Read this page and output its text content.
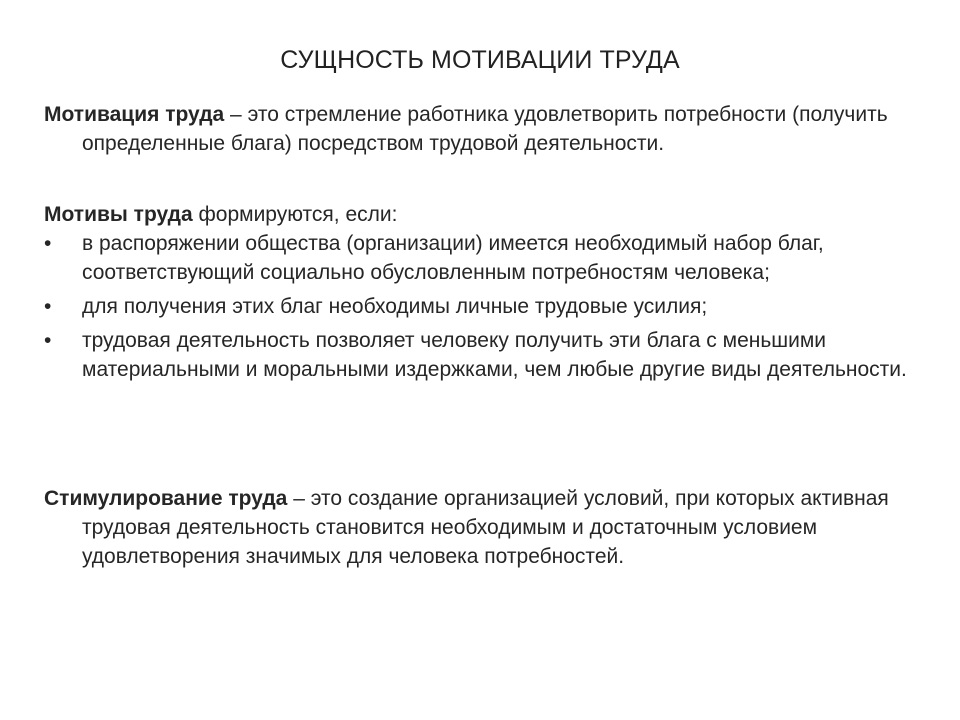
СУЩНОСТЬ МОТИВАЦИИ ТРУДА
Мотивация труда – это стремление работника удовлетворить потребности (получить определенные блага) посредством трудовой деятельности.
Мотивы труда формируются, если:
•	в распоряжении общества (организации) имеется необходимый набор благ, соответствующий социально обусловленным потребностям человека;
•	для получения этих благ необходимы личные трудовые усилия;
•	трудовая деятельность позволяет человеку получить эти блага с меньшими материальными и моральными издержками, чем любые другие виды деятельности.
Стимулирование труда – это создание организацией условий, при которых активная трудовая деятельность становится необходимым и достаточным условием удовлетворения значимых для человека потребностей.
